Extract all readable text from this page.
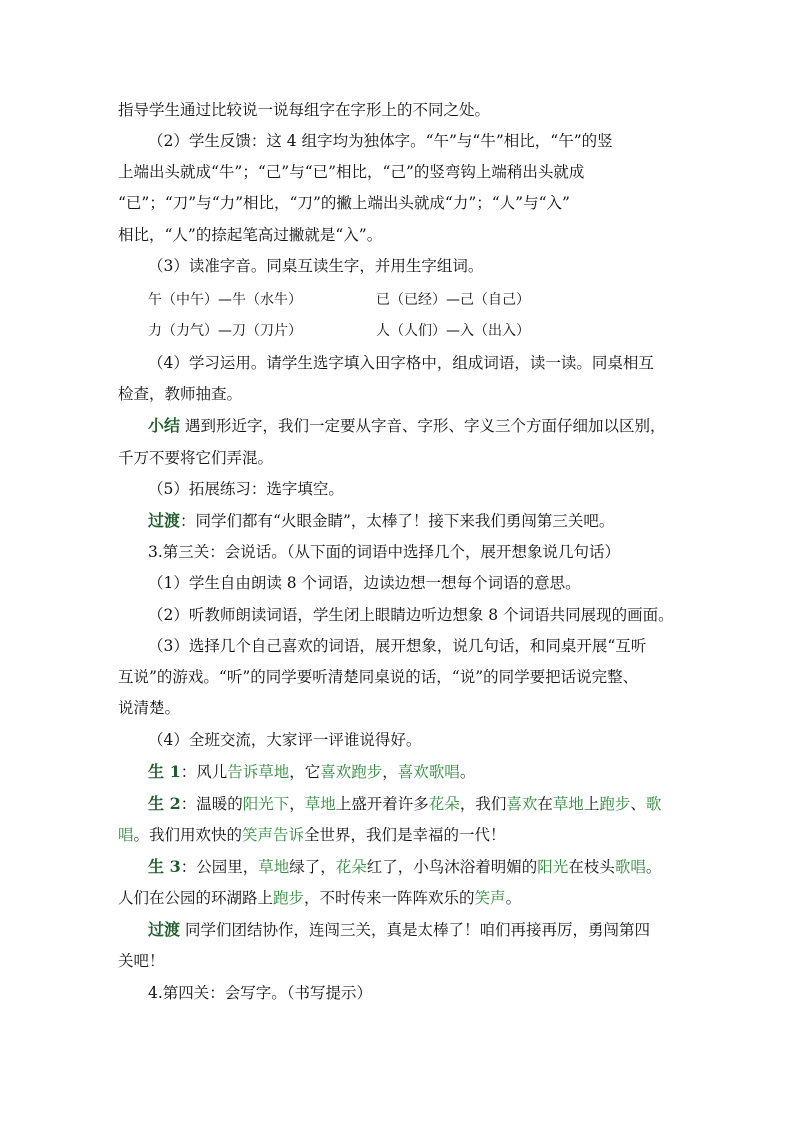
指导学生通过比较说一说每组字在字形上的不同之处。
（2）学生反馈：这 4 组字均为独体字。“午”与“牛”相比，“午”的竖
上端出头就成“牛”；“己”与“已”相比，“己”的竖弯钩上端稍出头就成
“已”；“刀”与“力”相比，“刀”的撇上端出头就成“力”；“人”与“入”
相比，“人”的捺起笔高过撇就是“入”。
（3）读准字音。同桌互读生字，并用生字组词。
午（中午）—牛（水牛）	已（已经）—己（自己）
力（力气）—刀（刀片）	人（人们）—入（出入）
（4）学习运用。请学生选字填入田字格中，组成词语，读一读。同桌相互
检查，教师抽查。
小结 遇到形近字，我们一定要从字音、字形、字义三个方面仔细加以区别，
千万不要将它们弄混。
（5）拓展练习：选字填空。
过渡：同学们都有“火眼金睛”，太棒了！接下来我们勇闯第三关吧。
3.第三关：会说话。（从下面的词语中选择几个，展开想象说几句话）
（1）学生自由朗读 8 个词语，边读边想一想每个词语的意思。
（2）听教师朗读词语，学生闭上眼睛边听边想象 8 个词语共同展现的画面。
（3）选择几个自己喜欢的词语，展开想象，说几句话，和同桌开展“互听
互说”的游戏。“听”的同学要听清楚同桌说的话，“说”的同学要把话说完整、
说清楚。
（4）全班交流，大家评一评谁说得好。
生 1：风儿告诉草地，它喜欢跑步，喜欢歌唱。
生 2：温暖的阳光下，草地上盛开着许多花朵，我们喜欢在草地上跑步、歌
唱。我们用欢快的笑声告诉全世界，我们是幸福的一代！
生 3：公园里，草地绿了，花朵红了，小鸟沐浴着明媚的阳光在枝头歌唱。
人们在公园的环湖路上跑步，不时传来一阵阵欢乐的笑声。
过渡 同学们团结协作，连闯三关，真是太棒了！咱们再接再厉，勇闯第四
关吧！
4.第四关：会写字。（书写提示）
